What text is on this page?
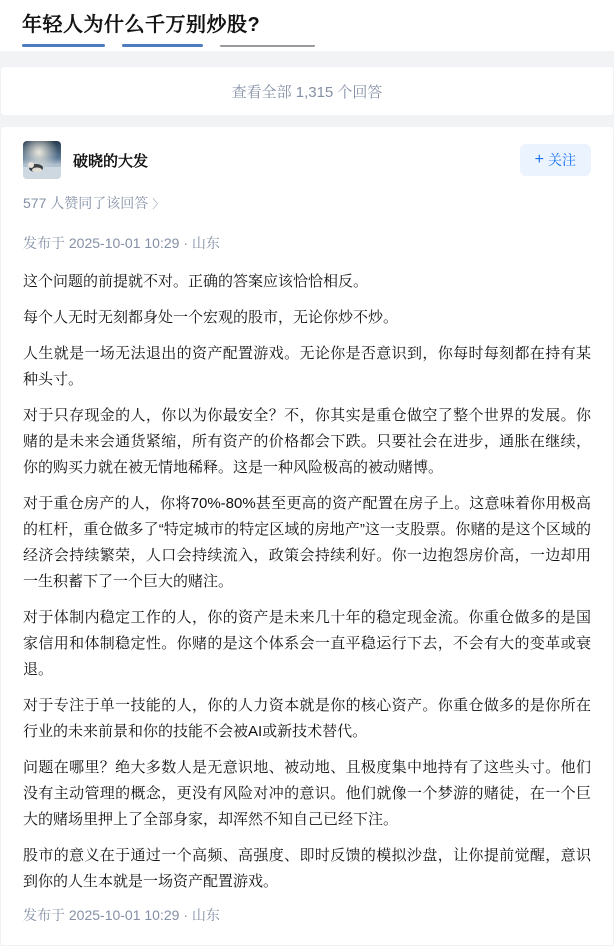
年轻人为什么千万别炒股?
查看全部 1,315 个回答
破晓的大发	+ 关注
577 人赞同了该回答 〉
发布于 2025-10-01 10:29 · 山东

这个问题的前提就不对。正确的答案应该恰恰相反。

每个人无时无刻都身处一个宏观的股市，无论你炒不炒。

人生就是一场无法退出的资产配置游戏。无论你是否意识到，你每时每刻都在持有某种头寸。

对于只存现金的人，你以为你最安全？不，你其实是重仓做空了整个世界的发展。你赌的是未来会通货紧缩，所有资产的价格都会下跌。只要社会在进步，通胀在继续，你的购买力就在被无情地稀释。这是一种风险极高的被动赌博。

对于重仓房产的人，你将70%-80%甚至更高的资产配置在房子上。这意味着你用极高的杠杆，重仓做多了“特定城市的特定区域的房地产”这一支股票。你赌的是这个区域的经济会持续繁荣，人口会持续流入，政策会持续利好。你一边抱怨房价高，一边却用一生积蓄下了一个巨大的赌注。

对于体制内稳定工作的人，你的资产是未来几十年的稳定现金流。你重仓做多的是国家信用和体制稳定性。你赌的是这个体系会一直平稳运行下去，不会有大的变革或衰退。

对于专注于单一技能的人，你的人力资本就是你的核心资产。你重仓做多的是你所在行业的未来前景和你的技能不会被AI或新技术替代。

问题在哪里？绝大多数人是无意识地、被动地、且极度集中地持有了这些头寸。他们没有主动管理的概念，更没有风险对冲的意识。他们就像一个梦游的赌徒，在一个巨大的赌场里押上了全部身家，却浑然不知自己已经下注。

股市的意义在于通过一个高频、高强度、即时反馈的模拟沙盘，让你提前觉醒，意识到你的人生本就是一场资产配置游戏。

发布于 2025-10-01 10:29 · 山东
